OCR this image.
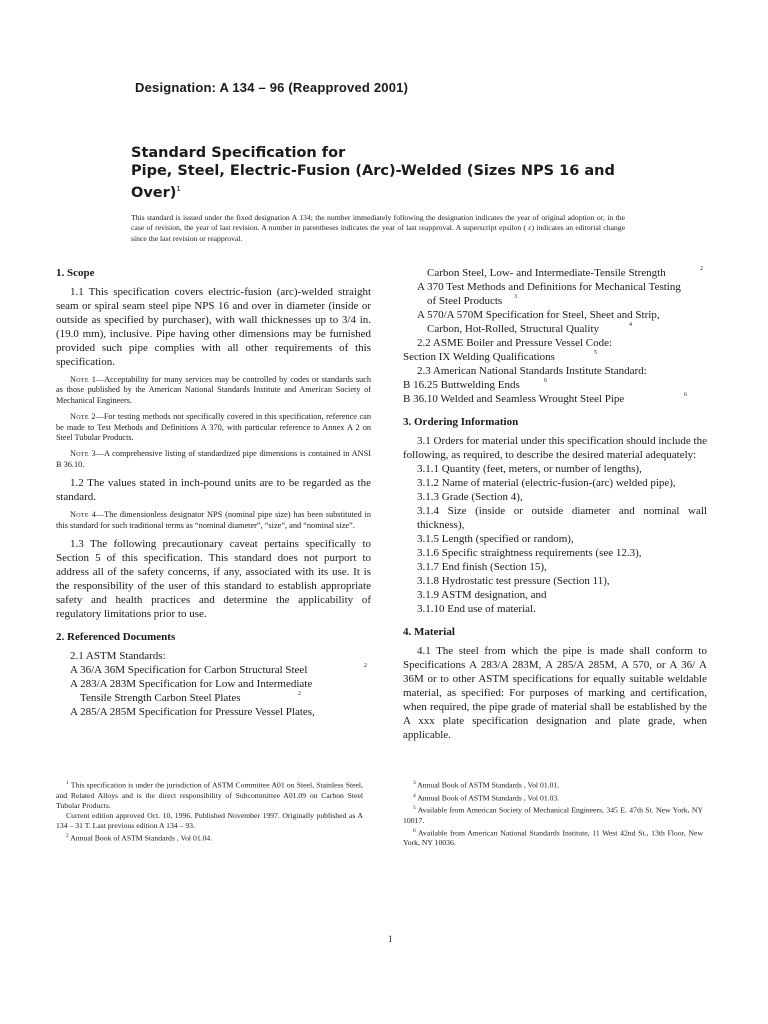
Designation: A 134 – 96 (Reapproved 2001)
Standard Specification for
Pipe, Steel, Electric-Fusion (Arc)-Welded (Sizes NPS 16 and
Over)$^1$
This standard is issued under the fixed designation A 134; the number immediately following the designation indicates the year of original adoption or, in the case of revision, the year of last revision. A number in parentheses indicates the year of last reapproval. A superscript epsilon ( ε) indicates an editorial change since the last revision or reapproval.
1. Scope

1.1 This specification covers electric-fusion (arc)-welded straight seam or spiral seam steel pipe NPS 16 and over in diameter (inside or outside as specified by purchaser), with wall thicknesses up to 3/4 in. (19.0 mm), inclusive. Pipe having other dimensions may be furnished provided such pipe complies with all other requirements of this specification.

Note 1—Acceptability for many services may be controlled by codes or standards such as those published by the American National Standards Institute and American Society of Mechanical Engineers.

Note 2—For testing methods not specifically covered in this specification, reference can be made to Test Methods and Definitions A 370, with particular reference to Annex A 2 on Steel Tubular Products.

Note 3—A comprehensive listing of standardized pipe dimensions is contained in ANSI B 36.10.

1.2 The values stated in inch-pound units are to be regarded as the standard.

Note 4—The dimensionless designator NPS (nominal pipe size) has been substituted in this standard for such traditional terms as “nominal diameter”, “size”, and “nominal size”.

1.3 The following precautionary caveat pertains specifically to Section 5 of this specification. This standard does not purport to address all of the safety concerns, if any, associated with its use. It is the responsibility of the user of this standard to establish appropriate safety and health practices and determine the applicability of regulatory limitations prior to use.

2. Referenced Documents

2.1 ASTM Standards:

A 36/A 36M Specification for Carbon Structural Steel	2
A 283/A 283M Specification for Low and Intermediate
Tensile Strength Carbon Steel Plates	2
A 285/A 285M Specification for Pressure Vessel Plates,
Carbon Steel, Low- and Intermediate-Tensile Strength	2
A 370 Test Methods and Definitions for Mechanical Testing
of Steel Products 3
A 570/A 570M Specification for Steel, Sheet and Strip,
Carbon, Hot-Rolled, Structural Quality	4

2.2 ASME Boiler and Pressure Vessel Code:

Section IX Welding Qualifications	5

2.3 American National Standards Institute Standard:

B 16.25 Buttwelding Ends	6
B 36.10 Welded and Seamless Wrought Steel Pipe	6
3. Ordering Information

3.1 Orders for material under this specification should include the following, as required, to describe the desired material adequately:

3.1.1 Quantity (feet, meters, or number of lengths),
3.1.2 Name of material (electric-fusion-(arc) welded pipe),
3.1.3 Grade (Section 4),
3.1.4 Size (inside or outside diameter and nominal wall thickness),
3.1.5 Length (specified or random),
3.1.6 Specific straightness requirements (see 12.3),
3.1.7 End finish (Section 15),
3.1.8 Hydrostatic test pressure (Section 11),
3.1.9 ASTM designation, and
3.1.10 End use of material.
4. Material

4.1 The steel from which the pipe is made shall conform to Specifications A 283/A 283M, A 285/A 285M, A 570, or A 36/ A 36M or to other ASTM specifications for equally suitable weldable material, as specified: For purposes of marking and certification, when required, the pipe grade of material shall be established by the A xxx plate specification designation and plate grade, when applicable.

$^1$ This specification is under the jurisdiction of ASTM Committee A01 on Steel, Stainless Steel, and Related Alloys and is the direct responsibility of Subcommittee A01.09 on Carbon Steel Tubular Products.

Current edition approved Oct. 10, 1996. Published November 1997. Originally published as A 134 – 31 T. Last previous edition A 134 – 93.

$^2$ Annual Book of ASTM Standards , Vol 01.04.

$^3$ Annual Book of ASTM Standards , Vol 01.01.

$^4$ Annual Book of ASTM Standards , Vol 01.03.

$^5$ Available from American Society of Mechanical Engineers, 345 E. 47th St. New York, NY 10017.

$^6$ Available from American National Standards Institute, 11 West 42nd St., 13th Floor, New York, NY 10036.

1
